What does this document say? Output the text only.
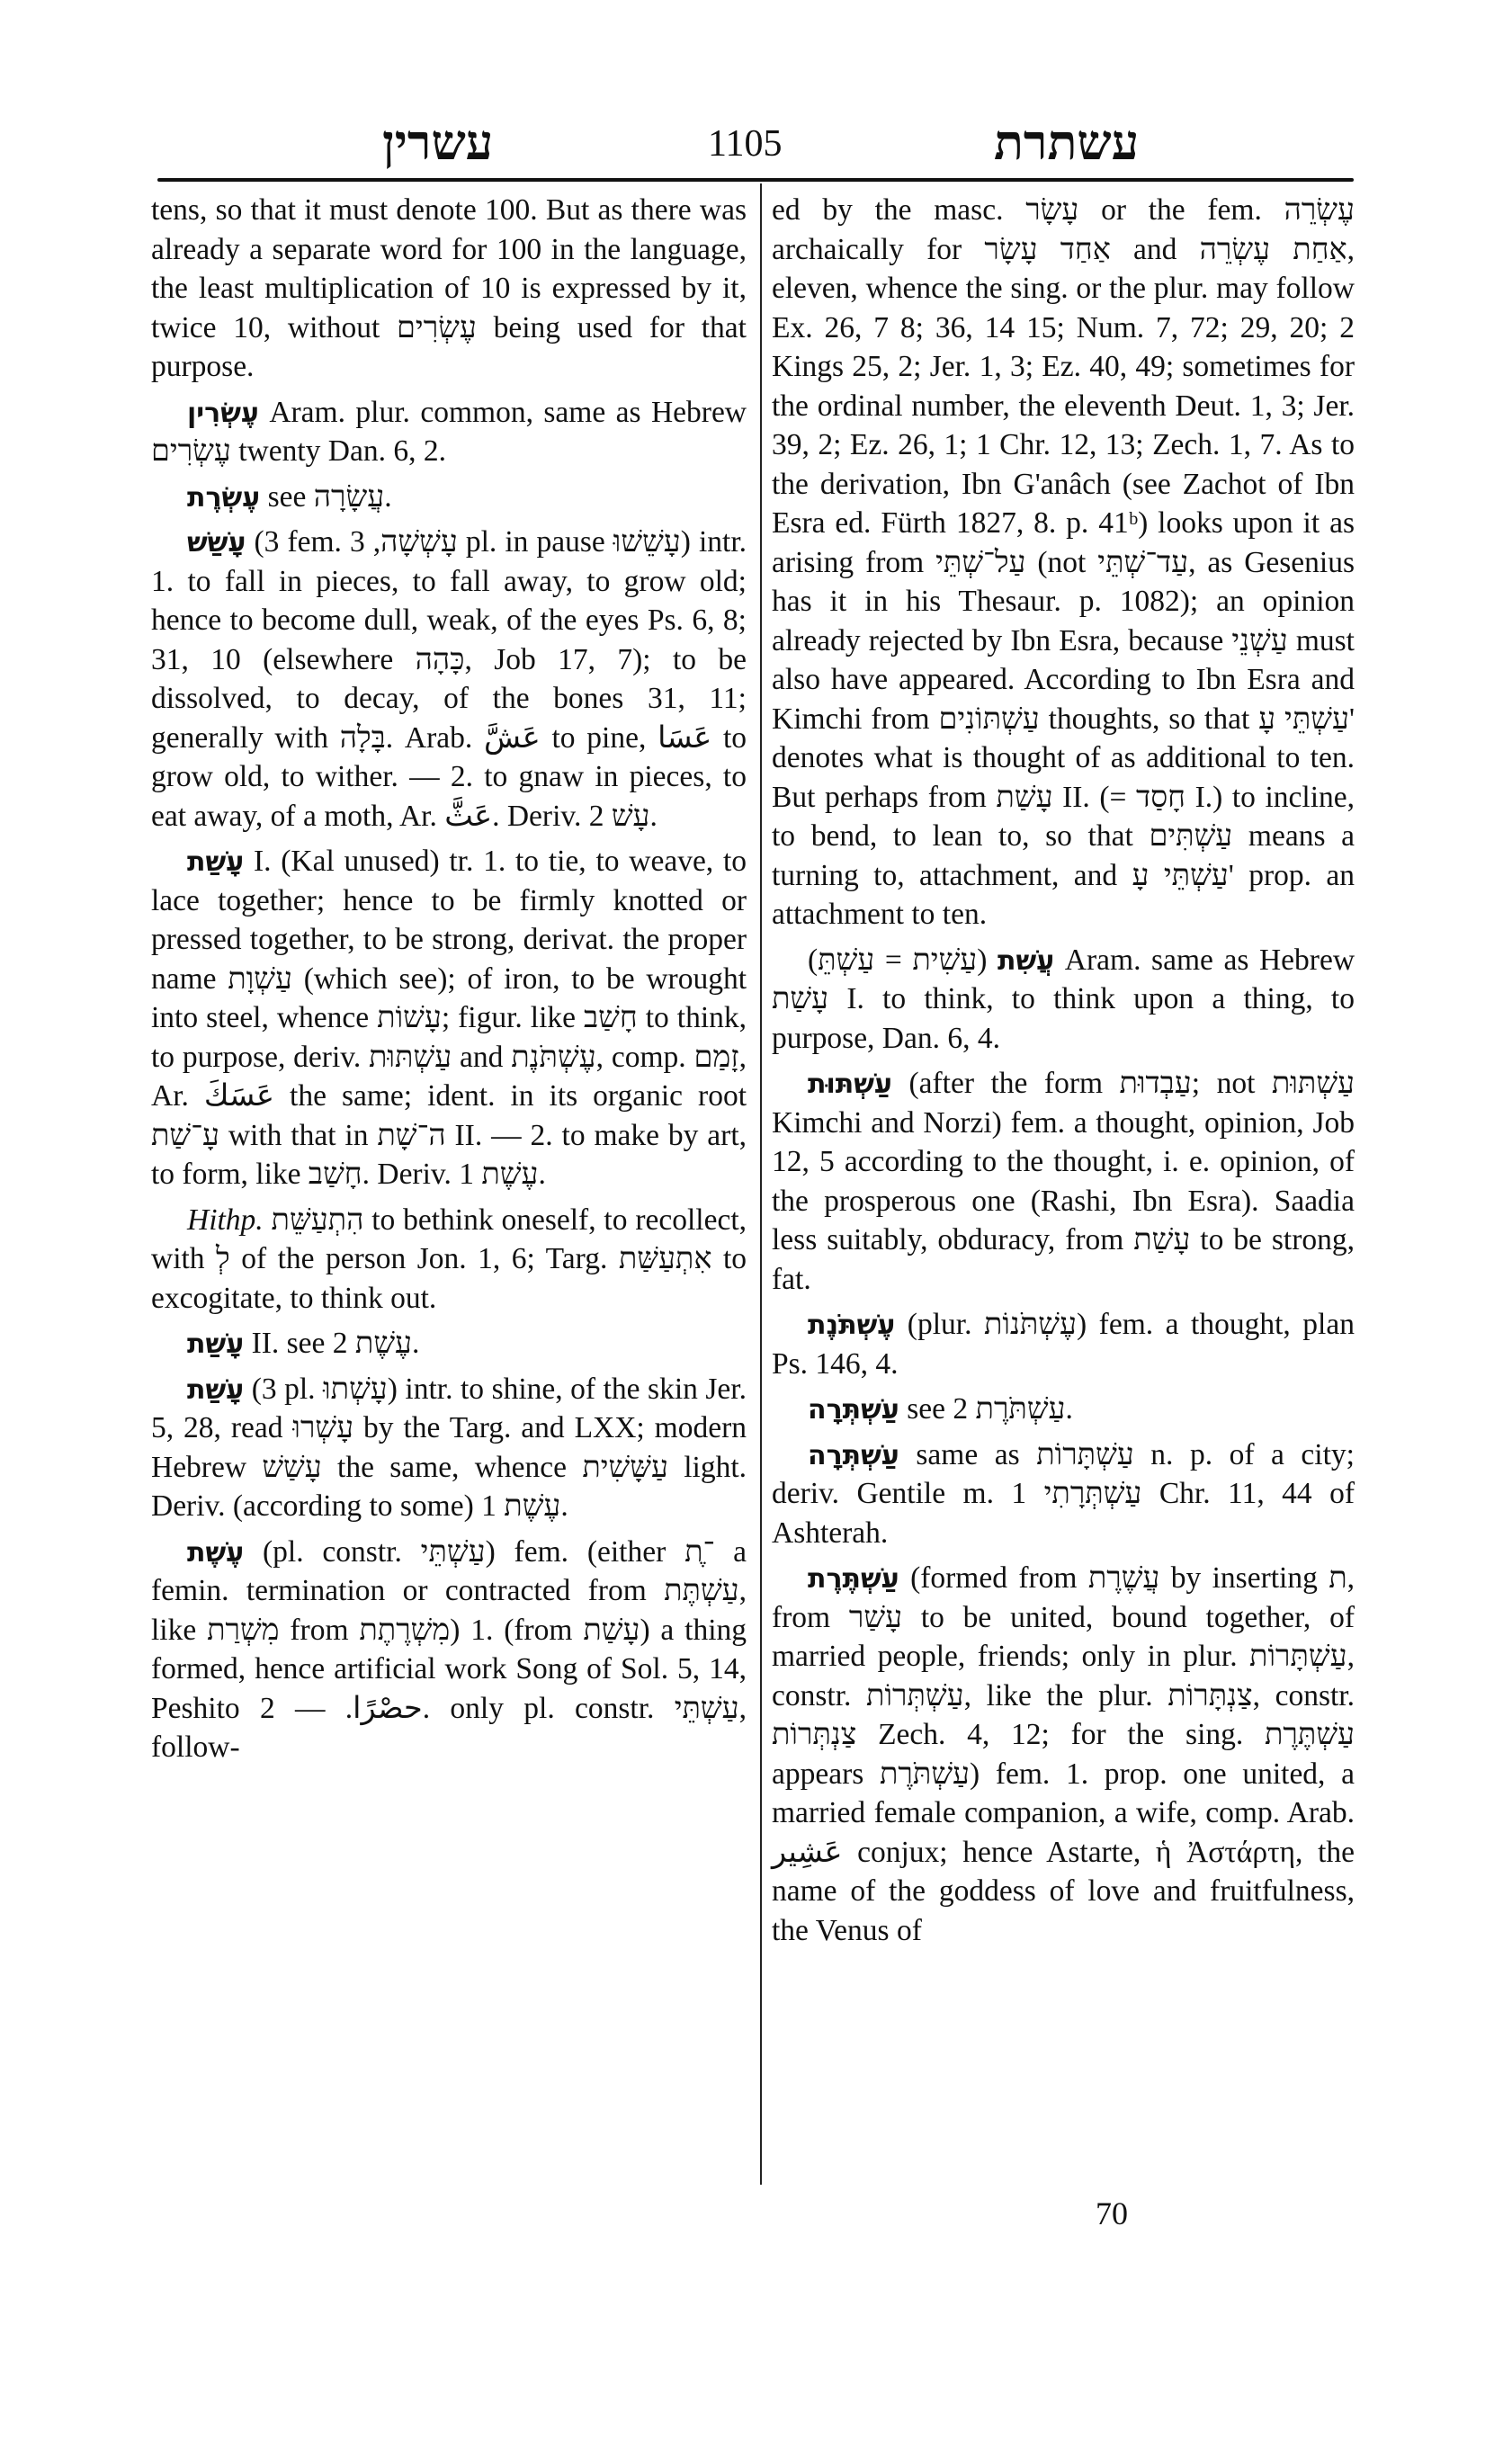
עשרין	1105	עשתרת

tens, so that it must denote 100. But as there was already a separate word for 100 in the language, the least multiplication of 10 is expressed by it, twice 10, without עֶשְׂרִים being used for that purpose.

עֶשְׂרִין Aram. plur. common, same as Hebrew עֶשְׂרִים twenty Dan. 6, 2.

עֶשְׂרֶת see עֲשָׂרָה.

עָשַׁשׁ (3 fem. עָשְׁשָׁה, 3 pl. in pause עָשֵׁשׁוּ) intr. 1. to fall in pieces, to fall away, to grow old; hence to become dull, weak, of the eyes Ps. 6, 8; 31, 10 (elsewhere כָּהָה, Job 17, 7); to be dissolved, to decay, of the bones 31, 11; generally with בָּלָה. Arab. عَشَّ to pine, عَسَا to grow old, to wither. — 2. to gnaw in pieces, to eat away, of a moth, Ar. عَثَّ. Deriv. עָשׁ 2.

עָשַׁת I. (Kal unused) tr. 1. to tie, to weave, to lace together; hence to be firmly knotted or pressed together, to be strong, derivat. the proper name עַשְׁוָת (which see); of iron, to be wrought into steel, whence עָשׁוֹת; figur. like חָשַׁב to think, to purpose, deriv. עַשְׁתּוּת and עֶשְׁתֹּנֶת, comp. זָמַם, Ar. عَسَكَ the same; ident. in its organic root עָ־שַׁת with that in ה־שָׁת II. — 2. to make by art, to form, like חָשַׁב. Deriv. עֶשֶׁת 1.

Hithp. הִתְעַשֵּׁת to bethink oneself, to recollect, with לְ of the person Jon. 1, 6; Targ. אִתְעַשַּׁת to excogitate, to think out.

עָשַׁת II. see עֶשֶׁת 2.

עָשַׁת (3 pl. עָשְׁתוּ) intr. to shine, of the skin Jer. 5, 28, read עָשְׁרוּ by the Targ. and LXX; modern Hebrew עָשַׁשׁ the same, whence עַשָּׁשִׁית light. Deriv. (according to some) עֶשֶׁת 1.

עֶשֶׁת (pl. constr. עַשְׁתֵּי) fem. (either ־ֶת a femin. termination or contracted from עַשְׁתֶּת, like מִשְׁרַת from מִשְׁרֶתֶת) 1. (from עָשַׁת) a thing formed, hence artificial work Song of Sol. 5, 14, Peshito حصْرًا. — 2. only pl. constr. עַשְׁתֵּי, follow-

ed by the masc. עָשָׂר or the fem. עֶשְׂרֵה archaically for אַחַד עָשָׂר and אַחַת עֶשְׂרֵה, eleven, whence the sing. or the plur. may follow Ex. 26, 7 8; 36, 14 15; Num. 7, 72; 29, 20; 2 Kings 25, 2; Jer. 1, 3; Ez. 40, 49; sometimes for the ordinal number, the eleventh Deut. 1, 3; Jer. 39, 2; Ez. 26, 1; 1 Chr. 12, 13; Zech. 1, 7. As to the derivation, Ibn G'anâch (see Zachot of Ibn Esra ed. Fürth 1827, 8. p. 41ᵇ) looks upon it as arising from עַל־שְׁתֵּי (not עַד־שְׁתֵּי, as Gesenius has it in his Thesaur. p. 1082); an opinion already rejected by Ibn Esra, because עַשְׁנֵי must also have appeared. According to Ibn Esra and Kimchi from עַשְׁתּוֹנִים thoughts, so that עַשְׁתֵּי עָ' denotes what is thought of as additional to ten. But perhaps from עָשַׁת II. (= חָסַד I.) to incline, to bend, to lean to, so that עַשְׁתִּים means a turning to, attachment, and עַשְׁתֵּי עָ' prop. an attachment to ten.

עֲשִׁת (עַשִׁית = עַשְׁתֵּ) Aram. same as Hebrew עָשַׁת I. to think, to think upon a thing, to purpose, Dan. 6, 4.

עַשְׁתּוּת (after the form עַבְדוּת; not עַשְׁתּוּת Kimchi and Norzi) fem. a thought, opinion, Job 12, 5 according to the thought, i. e. opinion, of the prosperous one (Rashi, Ibn Esra). Saadia less suitably, obduracy, from עָשַׁת to be strong, fat.

עֶשְׁתֹּנֶת (plur. עֶשְׁתֹּנוֹת) fem. a thought, plan Ps. 146, 4.

עַשְׁתְּרָה see עַשְׁתֹּרֶת 2.

עַשְׁתְּרָה same as עַשְׁתָּרוֹת n. p. of a city; deriv. Gentile m. עַשְׁתְּרָתִי 1 Chr. 11, 44 of Ashterah.

עַשְׁתֶּרֶת (formed from עֲשֶׁרֶת by inserting ת, from עָשַׁר to be united, bound together, of married people, friends; only in plur. עַשְׁתָּרוֹת, constr. עַשְׁתְּרוֹת, like the plur. צַנְתָּרוֹת, constr. צַנְתְּרוֹת Zech. 4, 12; for the sing. עַשְׁתֶּרֶת appears עַשְׁתֹּרֶת) fem. 1. prop. one united, a married female companion, a wife, comp. Arab. عَشِير conjux; hence Astarte, ἡ Ἀστάρτη, the name of the goddess of love and fruitfulness, the Venus of

70
